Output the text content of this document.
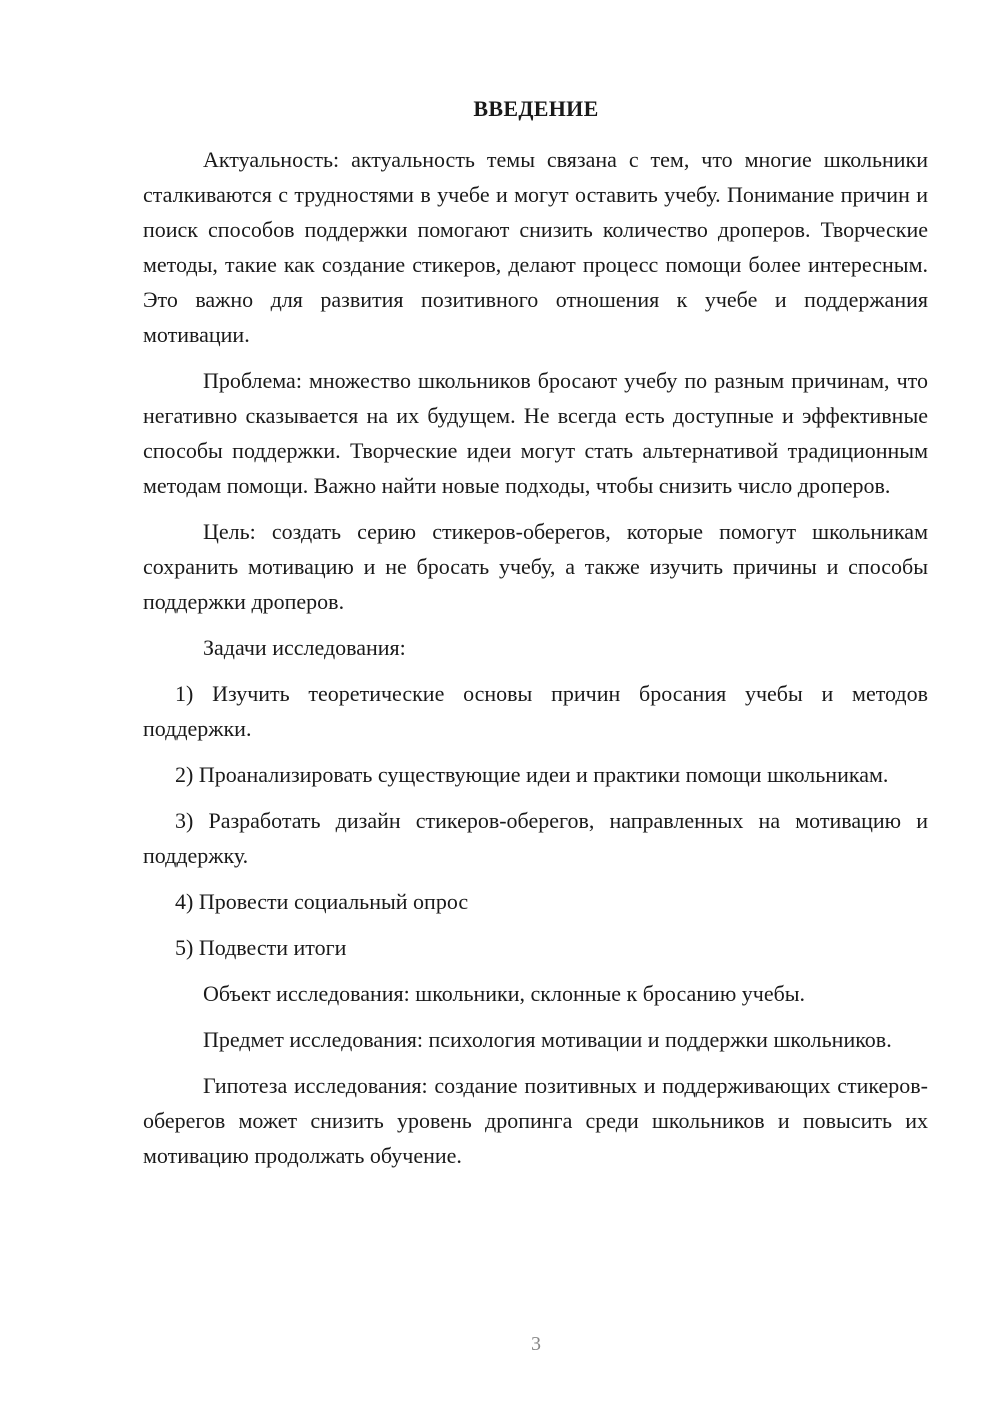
ВВЕДЕНИЕ

Актуальность: актуальность темы связана с тем, что многие школьники сталкиваются с трудностями в учебе и могут оставить учебу. Понимание причин и поиск способов поддержки помогают снизить количество дроперов. Творческие методы, такие как создание стикеров, делают процесс помощи более интересным. Это важно для развития позитивного отношения к учебе и поддержания мотивации.

Проблема: множество школьников бросают учебу по разным причинам, что негативно сказывается на их будущем. Не всегда есть доступные и эффективные способы поддержки. Творческие идеи могут стать альтернативой традиционным методам помощи. Важно найти новые подходы, чтобы снизить число дроперов.

Цель: создать серию стикеров-оберегов, которые помогут школьникам сохранить мотивацию и не бросать учебу, а также изучить причины и способы поддержки дроперов.

Задачи исследования:

1) Изучить теоретические основы причин бросания учебы и методов поддержки.

2) Проанализировать существующие идеи и практики помощи школьникам.

3) Разработать дизайн стикеров-оберегов, направленных на мотивацию и поддержку.

4) Провести социальный опрос

5) Подвести итоги

Объект исследования: школьники, склонные к бросанию учебы.

Предмет исследования: психология мотивации и поддержки школьников.

Гипотеза исследования: создание позитивных и поддерживающих стикеров-оберегов может снизить уровень дропинга среди школьников и повысить их мотивацию продолжать обучение.

3
